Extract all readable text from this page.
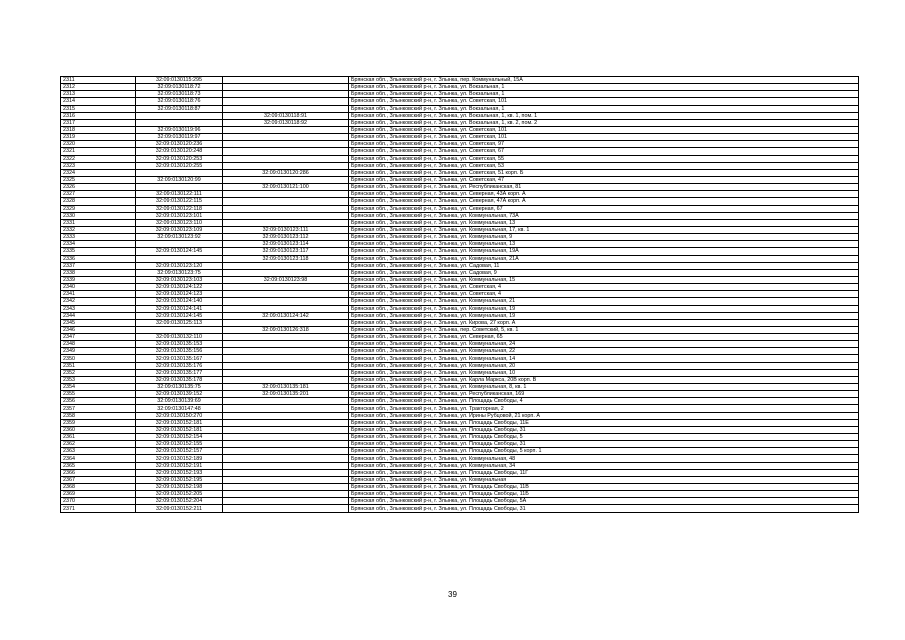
2311	32:09:0130115:295		Брянская обл., Злынковский р-н, г. Злынка, пер. Коммунальный, 15А
2312	32:09:0130118:72		Брянская обл., Злынковский р-н, г. Злынка, ул. Вокзальная, 1
2313	32:09:0130118:73		Брянская обл., Злынковский р-н, г. Злынка, ул. Вокзальная, 1
2314	32:09:0130118:76		Брянская обл., Злынковский р-н, г. Злынка, ул. Советская, 101
2315	32:09:0130118:87		Брянская обл., Злынковский р-н, г. Злынка, ул. Вокзальная, 1
2316		32:09:0130118:91	Брянская обл., Злынковский р-н, г. Злынка, ул. Вокзальная, 1, кв. 1, пом. 1
2317		32:09:0130118:92	Брянская обл., Злынковский р-н, г. Злынка, ул. Вокзальная, 1, кв. 2, пом. 2
2318	32:09:0130119:96		Брянская обл., Злынковский р-н, г. Злынка, ул. Советская, 101
2319	32:09:0130119:97		Брянская обл., Злынковский р-н, г. Злынка, ул. Советская, 101
2320	32:09:0130120:236		Брянская обл., Злынковский р-н, г. Злынка, ул. Советская, 97
2321	32:09:0130120:248		Брянская обл., Злынковский р-н, г. Злынка, ул. Советская, 67
2322	32:09:0130120:253		Брянская обл., Злынковский р-н, г. Злынка, ул. Советская, 55
2323	32:09:0130120:255		Брянская обл., Злынковский р-н, г. Злынка, ул. Советская, 53
2324		32:09:0130120:286	Брянская обл., Злынковский р-н, г. Злынка, ул. Советская, 51 корп. Б
2325	32:09:0130120:99		Брянская обл., Злынковский р-н, г. Злынка, ул. Советская, 47
2326		32:09:0130121:100	Брянская обл., Злынковский р-н, г. Злынка, ул. Республиканская, 81
2327	32:09:0130122:111		Брянская обл., Злынковский р-н, г. Злынка, ул. Северная, 43А корп. А
2328	32:09:0130122:115		Брянская обл., Злынковский р-н, г. Злынка, ул. Северная, 47А корп. А
2329	32:09:0130122:118		Брянская обл., Злынковский р-н, г. Злынка, ул. Северная, 67
2330	32:09:0130123:101		Брянская обл., Злынковский р-н, г. Злынка, ул. Коммунальная, 73А
2331	32:09:0130123:110		Брянская обл., Злынковский р-н, г. Злынка, ул. Коммунальная, 13
2332	32:09:0130123:109	32:09:0130123:111	Брянская обл., Злынковский р-н, г. Злынка, ул. Коммунальная, 17, кв. 1
2333	32:09:0130123:92	32:09:0130123:112	Брянская обл., Злынковский р-н, г. Злынка, ул. Коммунальная, 9
2334		32:09:0130123:114	Брянская обл., Злынковский р-н, г. Злынка, ул. Коммунальная, 13
2335	32:09:0130124:145	32:09:0130123:117	Брянская обл., Злынковский р-н, г. Злынка, ул. Коммунальная, 19А
2336		32:09:0130123:118	Брянская обл., Злынковский р-н, г. Злынка, ул. Коммунальная, 21А
2337	32:09:0130123:120		Брянская обл., Злынковский р-н, г. Злынка, ул. Садовая, 11
2338	32:09:0130123:75		Брянская обл., Злынковский р-н, г. Злынка, ул. Садовая, 9
2339	32:09:0130123:103	32:09:0130123:98	Брянская обл., Злынковский р-н, г. Злынка, ул. Коммунальная, 15
2340	32:09:0130124:122		Брянская обл., Злынковский р-н, г. Злынка, ул. Советская, 4
2341	32:09:0130124:123		Брянская обл., Злынковский р-н, г. Злынка, ул. Советская, 4
2342	32:09:0130124:140		Брянская обл., Злынковский р-н, г. Злынка, ул. Коммунальная, 21
2343	32:09:0130124:141		Брянская обл., Злынковский р-н, г. Злынка, ул. Коммунальная, 19
2344	32:09:0130124:145	32:09:0130124:142	Брянская обл., Злынковский р-н, г. Злынка, ул. Коммунальная, 19
2345	32:09:0130125:113		Брянская обл., Злынковский р-н, г. Злынка, ул. Кирова, 27 корп. А
2346		32:09:0130126:318	Брянская обл., Злынковский р-н, г. Злынка, пер. Советский, 5, кв. 1
2347	32:09:0130132:110		Брянская обл., Злынковский р-н, г. Злынка, ул. Северная, 65
2348	32:09:0130135:153		Брянская обл., Злынковский р-н, г. Злынка, ул. Коммунальная, 24
2349	32:09:0130135:156		Брянская обл., Злынковский р-н, г. Злынка, ул. Коммунальная, 22
2350	32:09:0130135:167		Брянская обл., Злынковский р-н, г. Злынка, ул. Коммунальная, 14
2351	32:09:0130135:176		Брянская обл., Злынковский р-н, г. Злынка, ул. Коммунальная, 20
2352	32:09:0130135:177		Брянская обл., Злынковский р-н, г. Злынка, ул. Коммунальная, 10
2353	32:09:0130135:178		Брянская обл., Злынковский р-н, г. Злынка, ул. Карла Маркса, 20В корп. В
2354	32:09:0130135:75	32:09:0130135:181	Брянская обл., Злынковский р-н, г. Злынка, ул. Коммунальная, 8, кв. 1
2355	32:09:0130139:152	32:09:0130135:201	Брянская обл., Злынковский р-н, г. Злынка, ул. Республиканская, 169
2356	32:09:0130139:69		Брянская обл., Злынковский р-н, г. Злынка, ул. Площадь Свободы, 4
2357	32:09:0130147:48		Брянская обл., Злынковский р-н, г. Злынка, ул. Тракторная, 2
2358	32:09:0130150:270		Брянская обл., Злынковский р-н, г. Злынка, ул. Ирины Рубцовой, 21 корп. А
2359	32:09:0130152:181		Брянская обл., Злынковский р-н, г. Злынка, ул. Площадь Свободы, 11Е
2360	32:09:0130152:181		Брянская обл., Злынковский р-н, г. Злынка, ул. Площадь Свободы, 31
2361	32:09:0130152:154		Брянская обл., Злынковский р-н, г. Злынка, ул. Площадь Свободы, 5
2362	32:09:0130152:155		Брянская обл., Злынковский р-н, г. Злынка, ул. Площадь Свободы, 31
2363	32:09:0130152:157		Брянская обл., Злынковский р-н, г. Злынка, ул. Площадь Свободы, 5 корп. 1
2364	32:09:0130152:189		Брянская обл., Злынковский р-н, г. Злынка, ул. Коммунальная, 48
2365	32:09:0130152:191		Брянская обл., Злынковский р-н, г. Злынка, ул. Коммунальная, 34
2366	32:09:0130152:193		Брянская обл., Злынковский р-н, г. Злынка, ул. Площадь Свободы, 11Г
2367	32:09:0130152:195		Брянская обл., Злынковский р-н, г. Злынка, ул. Коммунальная
2368	32:09:0130152:198		Брянская обл., Злынковский р-н, г. Злынка, ул. Площадь Свободы, 11В
2369	32:09:0130152:205		Брянская обл., Злынковский р-н, г. Злынка, ул. Площадь Свободы, 11Б
2370	32:09:0130152:204		Брянская обл., Злынковский р-н, г. Злынка, ул. Площадь Свободы, 5А
2371	32:09:0130152:211		Брянская обл., Злынковский р-н, г. Злынка, ул. Площадь Свободы, 31
39
